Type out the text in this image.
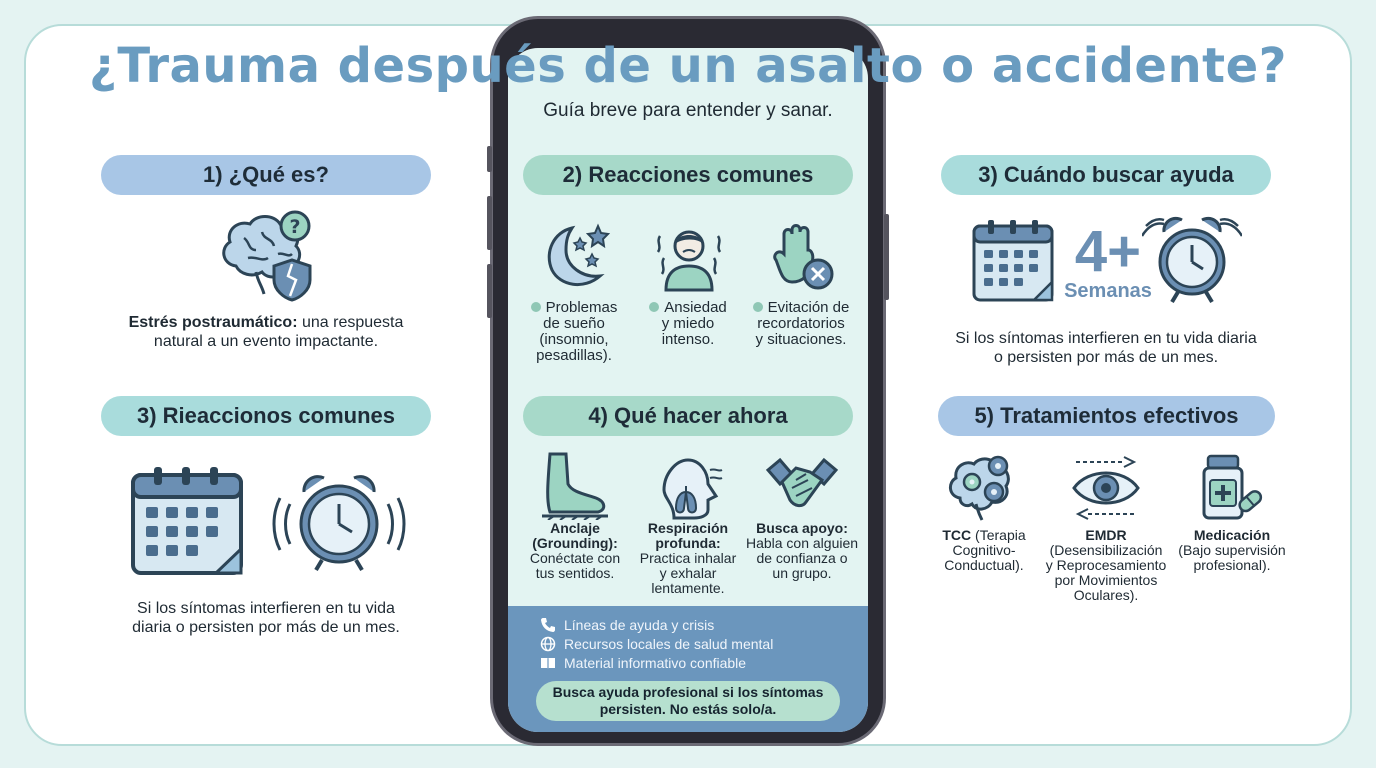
¿Trauma después de un asalto o accidente?
Guía breve para entender y sanar.
1) ¿Qué es?
?
Estrés postraumático: una respuesta
natural a un evento impactante.
3) Rieaccionos comunes
Si los síntomas interfieren en tu vida
diaria o persisten por más de un mes.
2) Reacciones comunes
Problemas
de sueño
(insomnio,
pesadillas).
Ansiedad
y miedo
intenso.
Evitación de
recordatorios
y situaciones.
4) Qué hacer ahora
Anclaje
(Grounding):
Conéctate con
tus sentidos.
Respiración
profunda:
Practica inhalar
y exhalar
lentamente.
Busca apoyo:
Habla con alguien
de confianza o
un grupo.
Líneas de ayuda y crisis
Recursos locales de salud mental
Material informativo confiable
Busca ayuda profesional si los síntomas
persisten. No estás solo/a.
3) Cuándo buscar ayuda
4+
Semanas
Si los síntomas interfieren en tu vida diaria
o persisten por más de un mes.
5) Tratamientos efectivos
TCC (Terapia
Cognitivo-
Conductual).
EMDR
(Desensibilización
y Reprocesamiento
por Movimientos
Oculares).
Medicación
(Bajo supervisión
profesional).
